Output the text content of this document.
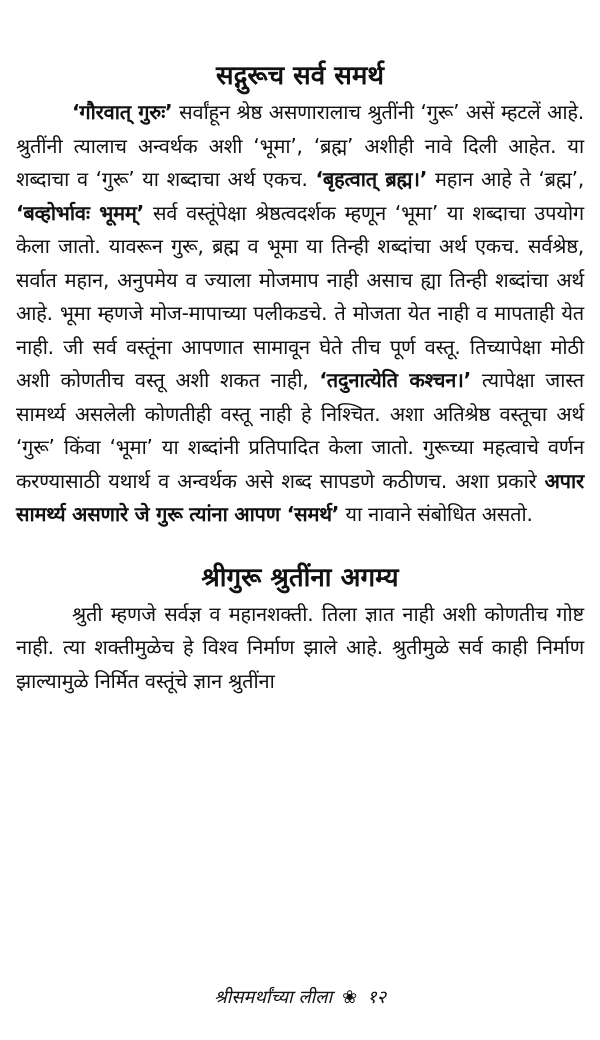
सद्गुरूच सर्व समर्थ

‘गौरवात् गुरुः’ सर्वांहून श्रेष्ठ असणारालाच श्रुतींनी ‘गुरू’ असें म्हटलें आहे. श्रुतींनी त्यालाच अन्वर्थक अशी ‘भूमा’, ‘ब्रह्म’ अशीही नावे दिली आहेत. या शब्दाचा व ‘गुरू’ या शब्दाचा अर्थ एकच. ‘बृहत्वात् ब्रह्म।’ महान आहे ते ‘ब्रह्म’, ‘बव्होर्भावः भूमम्’ सर्व वस्तूंपेक्षा श्रेष्ठत्वदर्शक म्हणून ‘भूमा’ या शब्दाचा उपयोग केला जातो. यावरून गुरू, ब्रह्म व भूमा या तिन्ही शब्दांचा अर्थ एकच. सर्वश्रेष्ठ, सर्वात महान, अनुपमेय व ज्याला मोजमाप नाही असाच ह्या तिन्ही शब्दांचा अर्थ आहे. भूमा म्हणजे मोज-मापाच्या पलीकडचे. ते मोजता येत नाही व मापताही येत नाही. जी सर्व वस्तूंना आपणात सामावून घेते तीच पूर्ण वस्तू. तिच्यापेक्षा मोठी अशी कोणतीच वस्तू अशी शकत नाही, ‘तदुनात्येति कश्चन।’ त्यापेक्षा जास्त सामर्थ्य असलेली कोणतीही वस्तू नाही हे निश्चित. अशा अतिश्रेष्ठ वस्तूचा अर्थ ‘गुरू’ किंवा ‘भूमा’ या शब्दांनी प्रतिपादित केला जातो. गुरूच्या महत्वाचे वर्णन करण्यासाठी यथार्थ व अन्वर्थक असे शब्द सापडणे कठीणच. अशा प्रकारे अपार सामर्थ्य असणारे जे गुरू त्यांना आपण ‘समर्थ’ या नावाने संबोधित असतो.

श्रीगुरू श्रुतींना अगम्य

श्रुती म्हणजे सर्वज्ञ व महानशक्ती. तिला ज्ञात नाही अशी कोणतीच गोष्ट नाही. त्या शक्तीमुळेच हे विश्व निर्माण झाले आहे. श्रुतीमुळे सर्व काही निर्माण झाल्यामुळे निर्मित वस्तूंचे ज्ञान श्रुतींना

श्रीसमर्थांच्या लीला ❀ १२
